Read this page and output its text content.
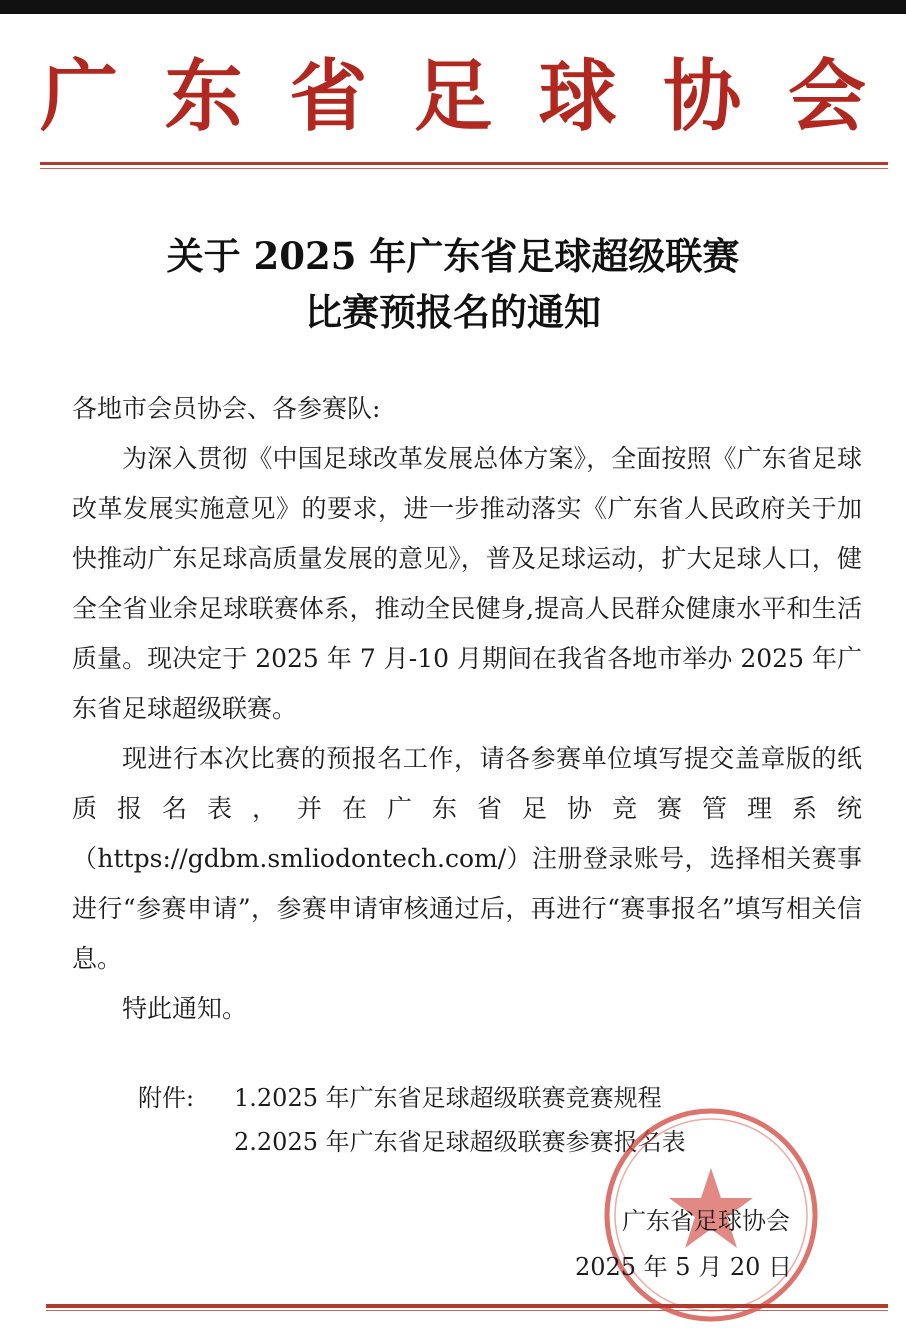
广 东 省 足 球 协 会
关于 2025 年广东省足球超级联赛
比赛预报名的通知

各地市会员协会、各参赛队:

为深入贯彻《中国足球改革发展总体方案》，全面按照《广东省足球改革发展实施意见》的要求，进一步推动落实《广东省人民政府关于加快推动广东足球高质量发展的意见》，普及足球运动，扩大足球人口，健全全省业余足球联赛体系，推动全民健身,提高人民群众健康水平和生活质量。现决定于 2025 年 7 月-10 月期间在我省各地市举办 2025 年广东省足球超级联赛。

现进行本次比赛的预报名工作，请各参赛单位填写提交盖章版的纸质报名表，并在广东省足协竞赛管理系统（https://gdbm.smliodontech.com/）注册登录账号，选择相关赛事进行“参赛申请”，参赛申请审核通过后，再进行“赛事报名”填写相关信息。

特此通知。

附件:	1.2025 年广东省足球超级联赛竞赛规程
2.2025 年广东省足球超级联赛参赛报名表
广东省足球协会
2025 年 5 月 20 日
